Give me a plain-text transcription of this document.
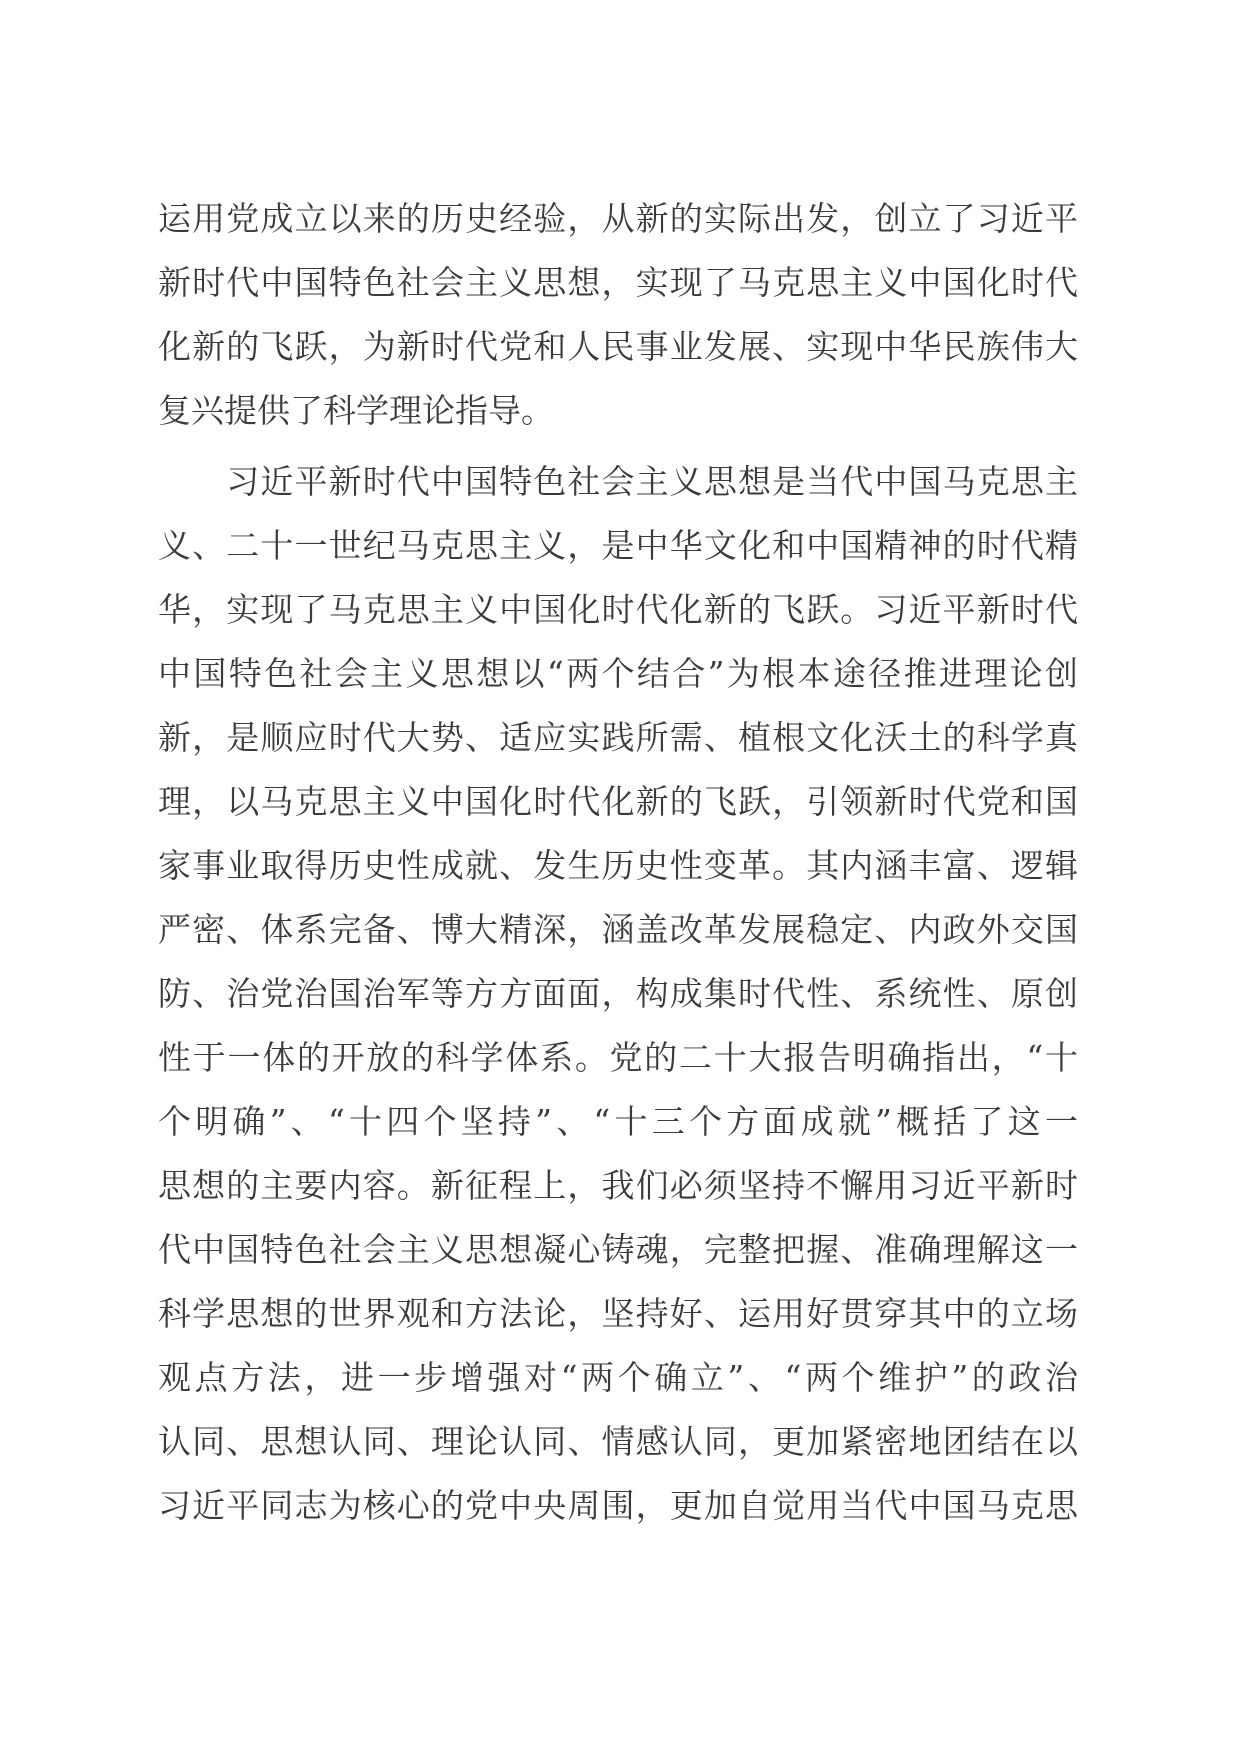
运用党成立以来的历史经验，从新的实际出发，创立了习近平
新时代中国特色社会主义思想，实现了马克思主义中国化时代
化新的飞跃，为新时代党和人民事业发展、实现中华民族伟大
复兴提供了科学理论指导。
　　习近平新时代中国特色社会主义思想是当代中国马克思主
义、二十一世纪马克思主义，是中华文化和中国精神的时代精
华，实现了马克思主义中国化时代化新的飞跃。习近平新时代
中国特色社会主义思想以“两个结合”为根本途径推进理论创
新，是顺应时代大势、适应实践所需、植根文化沃土的科学真
理，以马克思主义中国化时代化新的飞跃，引领新时代党和国
家事业取得历史性成就、发生历史性变革。其内涵丰富、逻辑
严密、体系完备、博大精深，涵盖改革发展稳定、内政外交国
防、治党治国治军等方方面面，构成集时代性、系统性、原创
性于一体的开放的科学体系。党的二十大报告明确指出，“十
个明确”、“十四个坚持”、“十三个方面成就”概括了这一
思想的主要内容。新征程上，我们必须坚持不懈用习近平新时
代中国特色社会主义思想凝心铸魂，完整把握、准确理解这一
科学思想的世界观和方法论，坚持好、运用好贯穿其中的立场
观点方法，进一步增强对“两个确立”、“两个维护”的政治
认同、思想认同、理论认同、情感认同，更加紧密地团结在以
习近平同志为核心的党中央周围，更加自觉用当代中国马克思
